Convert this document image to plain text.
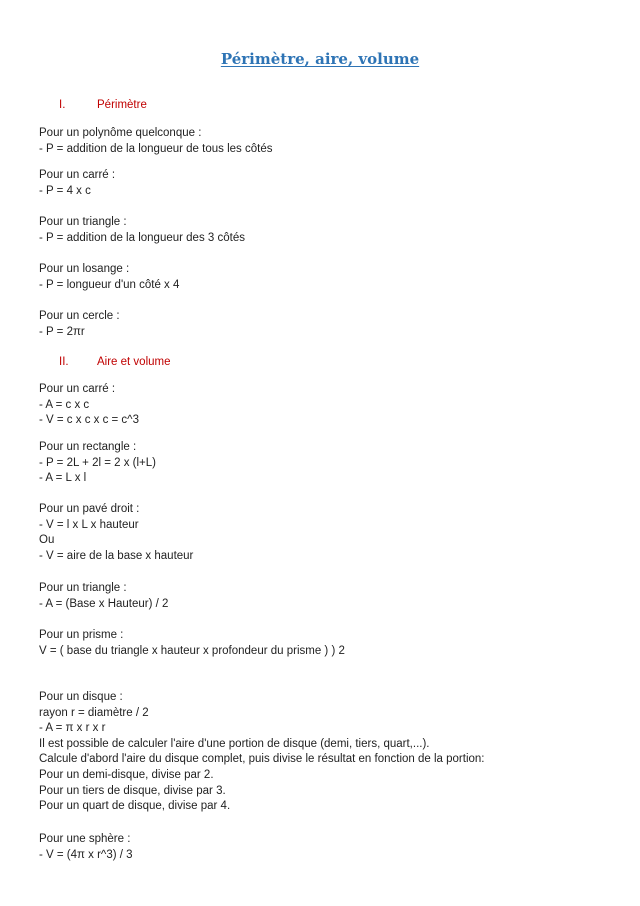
Périmètre, aire, volume
I.	Périmètre
Pour un polynôme quelconque :
- P = addition de la longueur de tous les côtés
Pour un carré :
- P = 4 x c
Pour un triangle :
- P = addition de la longueur des 3 côtés
Pour un losange :
- P = longueur d'un côté x 4
Pour un cercle :
- P = 2πr
II. Aire et volume
Pour un carré :
- A = c x c
- V = c x c x c = c^3
Pour un rectangle :
- P = 2L + 2l = 2 x (l+L)
- A = L x l
Pour un pavé droit :
- V = l x L x hauteur
Ou
- V = aire de la base x hauteur
Pour un triangle :
- A = (Base x Hauteur) / 2
Pour un prisme :
V = ( base du triangle x hauteur x profondeur du prisme ) ) 2
Pour un disque :
rayon r = diamètre / 2
- A = π x r x r
Il est possible de calculer l'aire d'une portion de disque (demi, tiers, quart,...).
Calcule d'abord l'aire du disque complet, puis divise le résultat en fonction de la portion:
Pour un demi-disque, divise par 2.
Pour un tiers de disque, divise par 3.
Pour un quart de disque, divise par 4.
Pour une sphère :
- V = (4π x r^3) / 3
